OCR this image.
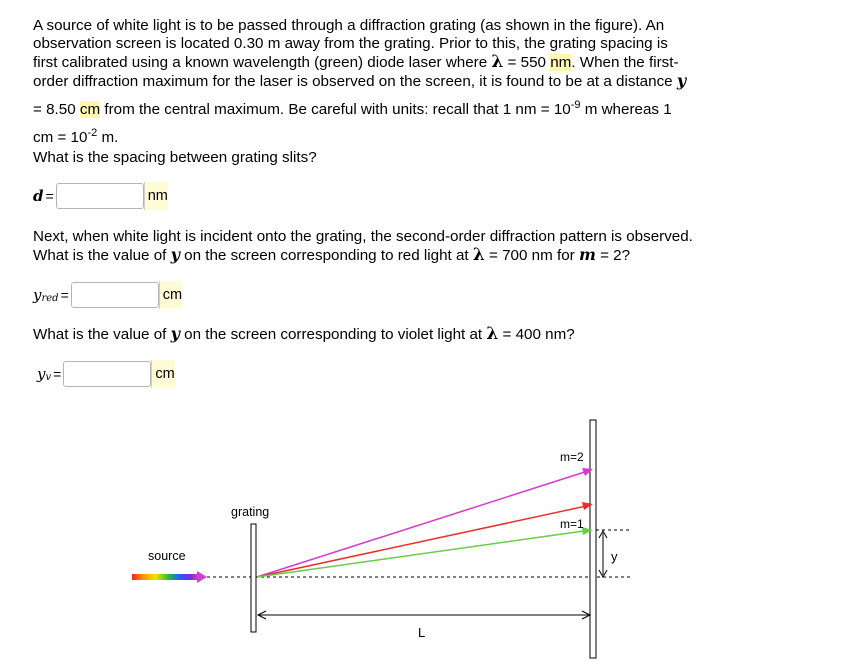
A source of white light is to be passed through a diffraction grating (as shown in the figure). An
observation screen is located 0.30 m away from the grating. Prior to this, the grating spacing is
first calibrated using a known wavelength (green) diode laser where λ = 550 nm. When the first-
order diffraction maximum for the laser is observed on the screen, it is found to be at a distance y
= 8.50 cm from the central maximum. Be careful with units: recall that 1 nm = $10^{-9}$ m whereas 1
cm = $10^{-2}$ m.
What is the spacing between grating slits?
d =	nm
Next, when white light is incident onto the grating, the second-order diffraction pattern is observed.
What is the value of y on the screen corresponding to red light at λ = 700 nm for m = 2?
y red =	cm
What is the value of y on the screen corresponding to violet light at λ = 400 nm?
y v =	cm
source
grating
m=2
m=1
y
L
